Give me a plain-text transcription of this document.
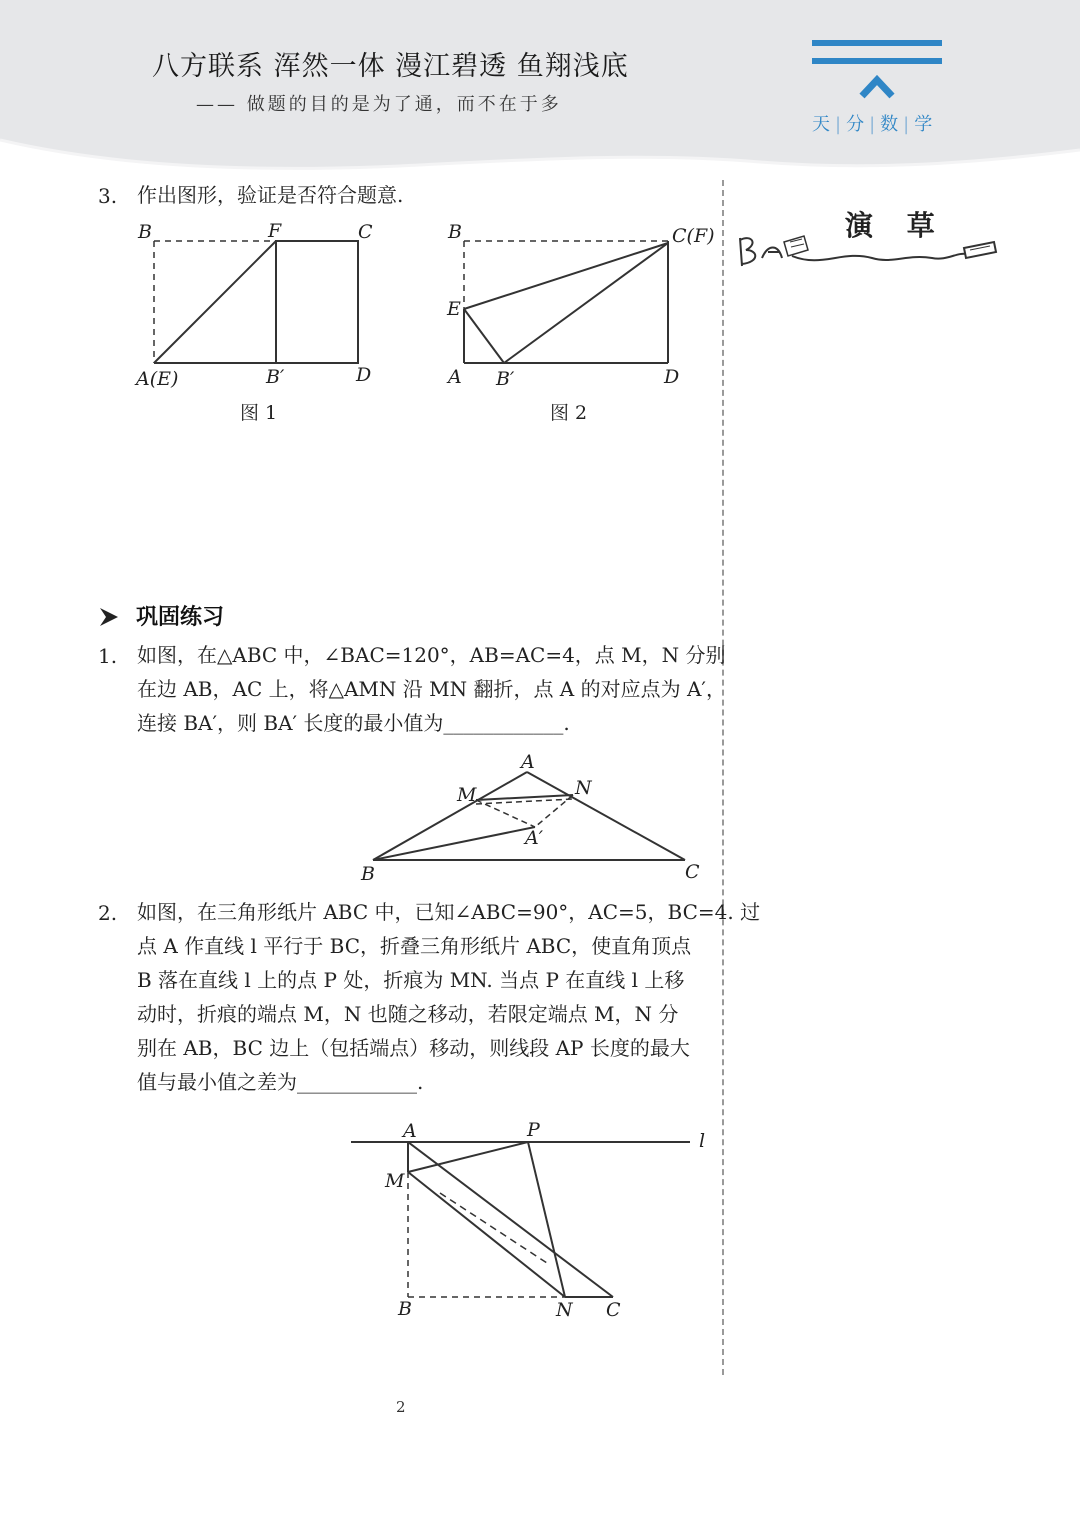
八方联系 浑然一体 漫江碧透 鱼翔浅底
—— 做题的目的是为了通，而不在于多
天 | 分 | 数 | 学
演 草
3. 作出图形，验证是否符合题意.
B	F	C
A(E)	B′	D
图 1
B	C(F)
E
A B′	D
图 2
巩固练习
1. 如图，在△ABC 中，∠BAC=120°，AB=AC=4，点 M，N 分别
在边 AB，AC 上，将△AMN 沿 MN 翻折，点 A 的对应点为 A′，
连接 BA′，则 BA′ 长度的最小值为____________.
A
M	N
A′
B	C
2. 如图，在三角形纸片 ABC 中，已知∠ABC=90°，AC=5，BC=4. 过
点 A 作直线 l 平行于 BC，折叠三角形纸片 ABC，使直角顶点
B 落在直线 l 上的点 P 处，折痕为 MN. 当点 P 在直线 l 上移
动时，折痕的端点 M，N 也随之移动，若限定端点 M，N 分
别在 AB，BC 边上（包括端点）移动，则线段 AP 长度的最大
值与最小值之差为____________.
A	P	l
M
B	N C
2
